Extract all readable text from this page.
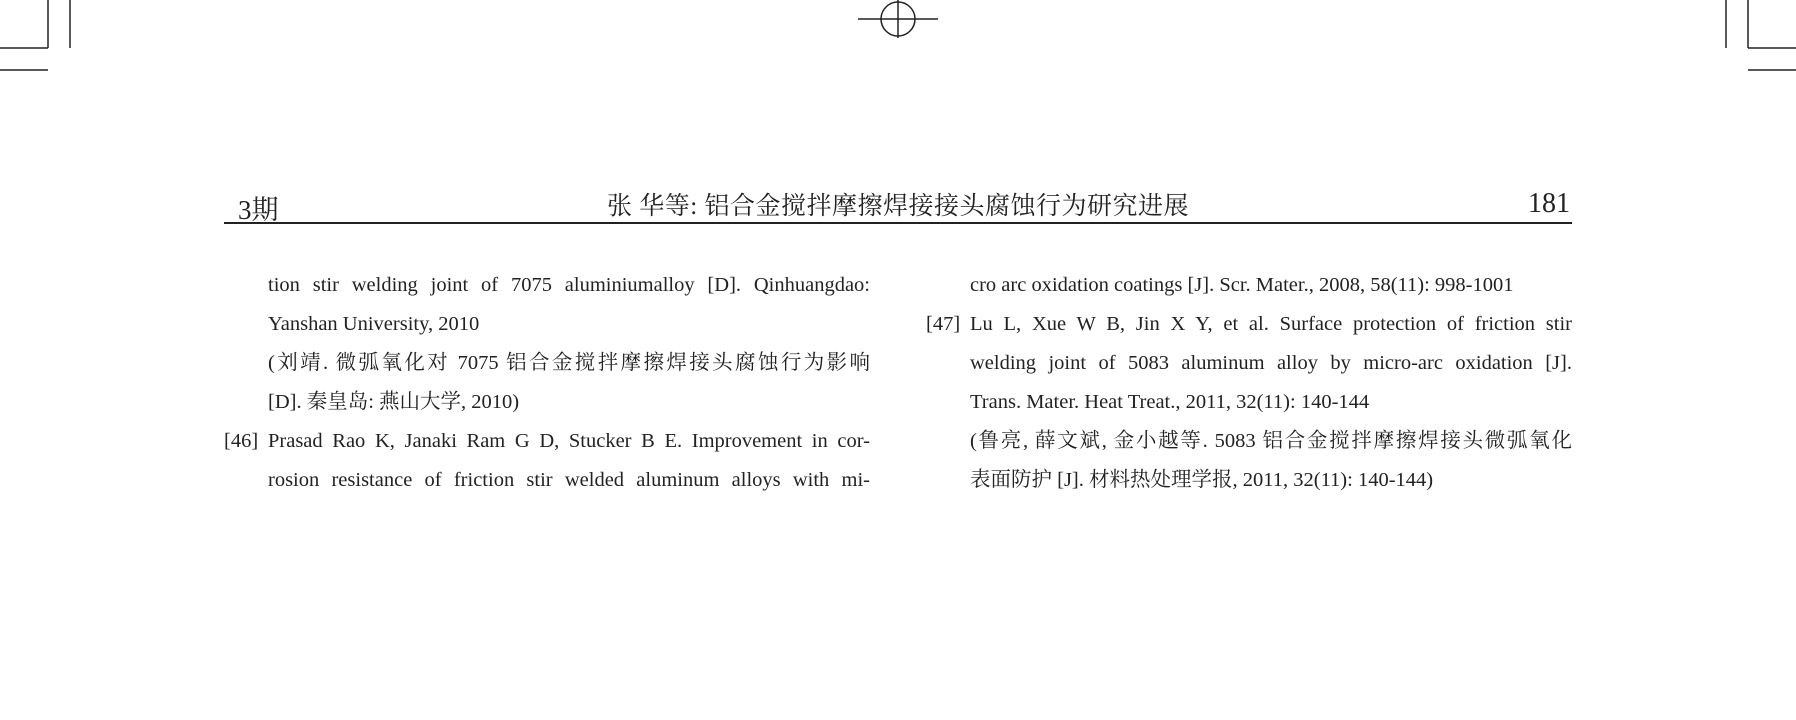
3期	张 华等: 铝合金搅拌摩擦焊接接头腐蚀行为研究进展	181
tion stir welding joint of 7075 aluminiumalloy [D]. Qinhuangdao:
Yanshan University, 2010
(刘靖. 微弧氧化对 7075 铝合金搅拌摩擦焊接头腐蚀行为影响
[D]. 秦皇岛: 燕山大学, 2010)
[46] Prasad Rao K, Janaki Ram G D, Stucker B E. Improvement in cor-
rosion resistance of friction stir welded aluminum alloys with mi-
cro arc oxidation coatings [J]. Scr. Mater., 2008, 58(11): 998-1001
[47] Lu L, Xue W B, Jin X Y, et al. Surface protection of friction stir
welding joint of 5083 aluminum alloy by micro-arc oxidation [J].
Trans. Mater. Heat Treat., 2011, 32(11): 140-144
(鲁亮, 薛文斌, 金小越等. 5083 铝合金搅拌摩擦焊接头微弧氧化
表面防护 [J]. 材料热处理学报, 2011, 32(11): 140-144)
